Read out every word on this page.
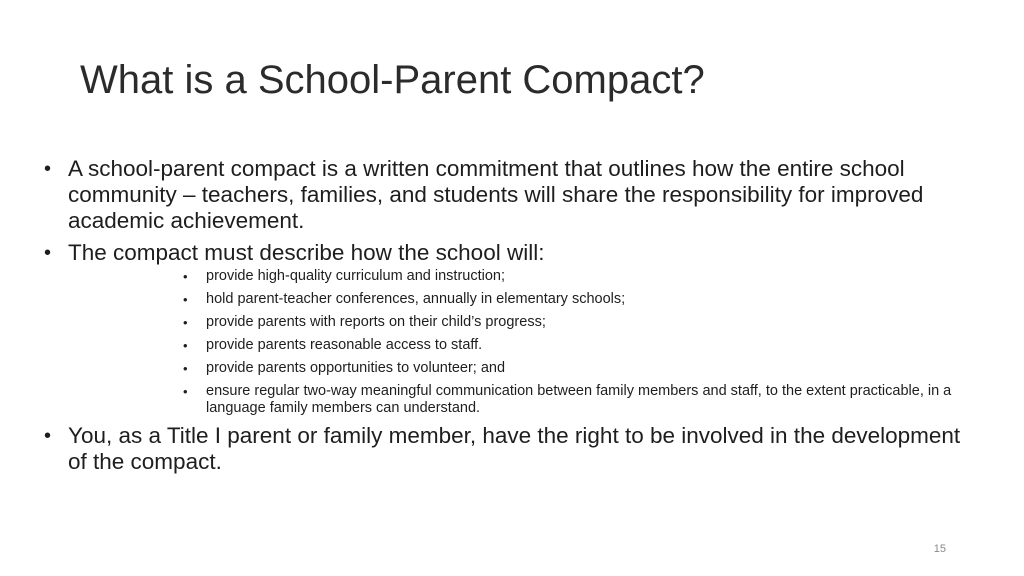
What is a School-Parent Compact?
• A school-parent compact is a written commitment that outlines how the entire school community – teachers, families, and students will share the responsibility for improved academic achievement.
• The compact must describe how the school will:
•	provide high-quality curriculum and instruction;
•	hold parent-teacher conferences, annually in elementary schools;
•	provide parents with reports on their child’s progress;
•	provide parents reasonable access to staff.
•	provide parents opportunities to volunteer; and
•	ensure regular two-way meaningful communication between family members and staff, to the extent practicable, in a language family members can understand.
• You, as a Title I parent or family member, have the right to be involved in the development of the compact.
15
